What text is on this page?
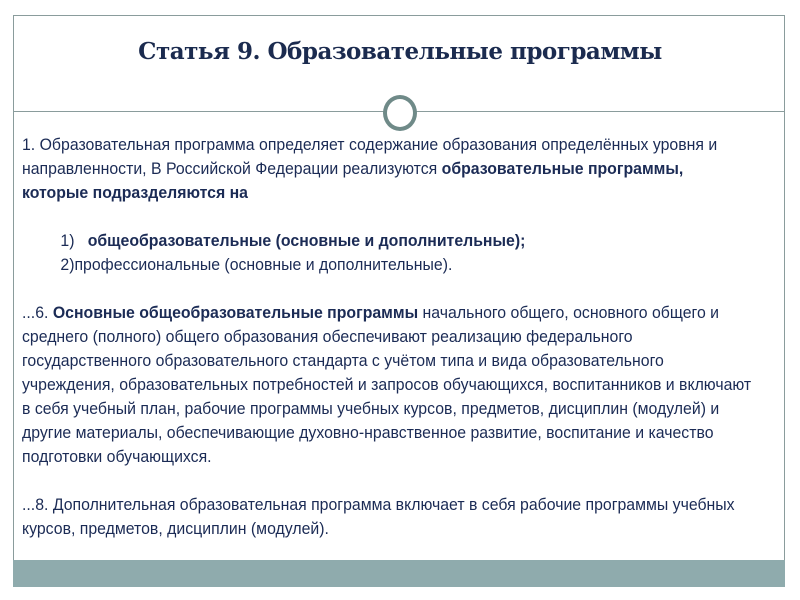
Статья 9. Образовательные программы

1. Образовательная программа определяет содержание образования определённых уровня и направленности, В Российской Федерации реализуются образовательные программы, которые подразделяются на

1) общеобразовательные (основные и дополнительные);

2)профессиональные (основные и дополнительные).

...6. Основные общеобразовательные программы начального общего, основного общего и среднего (полного) общего образования обеспечивают реализацию федерального государственного образовательного стандарта с учётом типа и вида образовательного учреждения, образовательных потребностей и запросов обучающихся, воспитанников и включают в себя учебный план, рабочие программы учебных курсов, предметов, дисциплин (модулей) и другие материалы, обеспечивающие духовно-нравственное развитие, воспитание и качество подготовки обучающихся.

...8. Дополнительная образовательная программа включает в себя рабочие программы учебных курсов, предметов, дисциплин (модулей).
